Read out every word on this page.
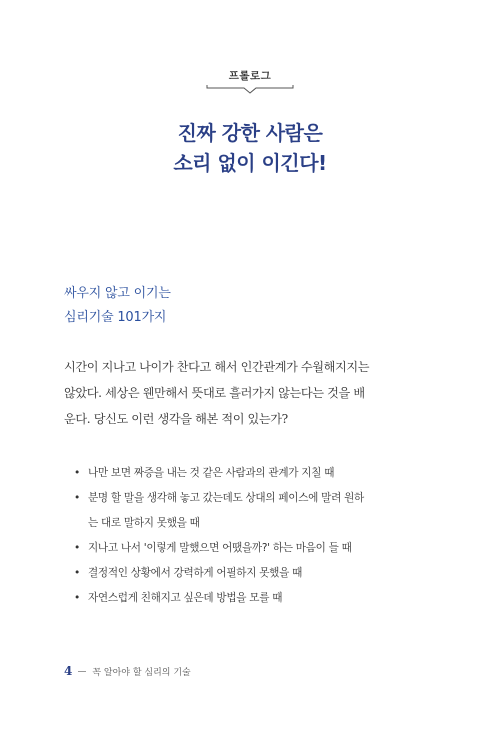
프롤로그
진짜 강한 사람은
소리 없이 이긴다!
싸우지 않고 이기는
심리기술 101가지
시간이 지나고 나이가 찬다고 해서 인간관계가 수월해지지는
않았다. 세상은 웬만해서 뜻대로 흘러가지 않는다는 것을 배
운다. 당신도 이런 생각을 해본 적이 있는가?
• 나만 보면 짜증을 내는 것 같은 사람과의 관계가 지칠 때
• 분명 할 말을 생각해 놓고 갔는데도 상대의 페이스에 말려 원하
는 대로 말하지 못했을 때
• 지나고 나서 '이렇게 말했으면 어땠을까?' 하는 마음이 들 때
• 결정적인 상황에서 강력하게 어필하지 못했을 때
• 자연스럽게 친해지고 싶은데 방법을 모를 때
4 꼭 알아야 할 심리의 기술
